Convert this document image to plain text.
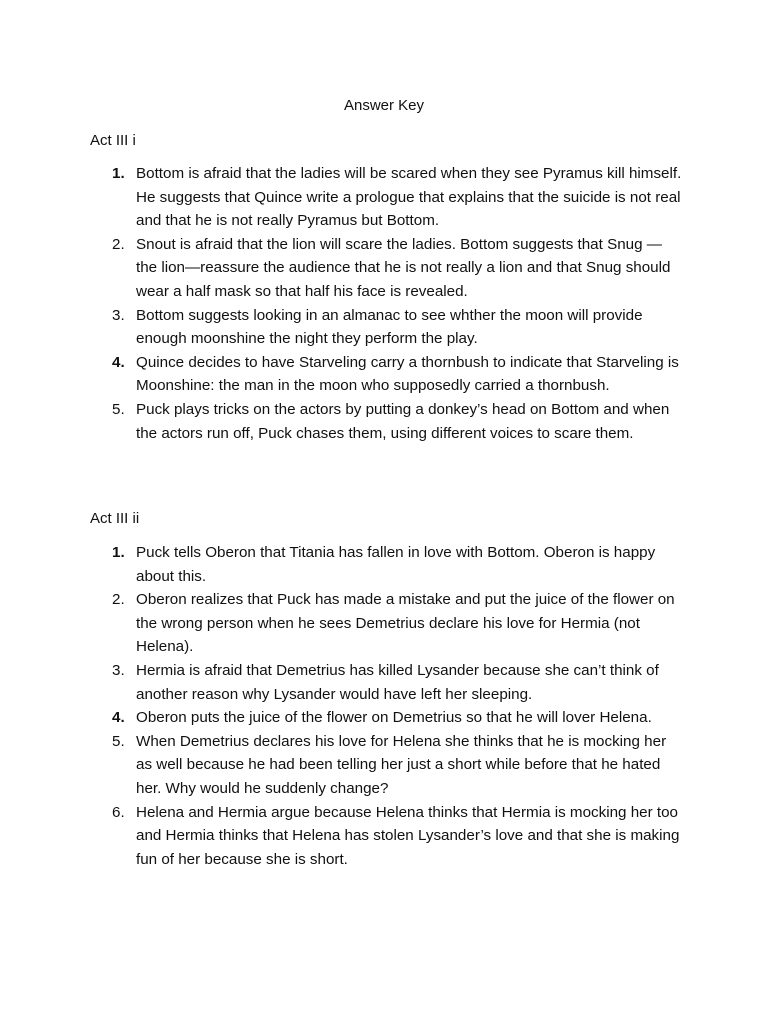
Answer Key
Act III i
1. Bottom is afraid that the ladies will be scared when they see Pyramus kill himself. He suggests that Quince write a prologue that explains that the suicide is not real and that he is not really Pyramus but Bottom.
2. Snout is afraid that the lion will scare the ladies. Bottom suggests that Snug —the lion—reassure the audience that he is not really a lion and that Snug should wear a half mask so that half his face is revealed.
3. Bottom suggests looking in an almanac to see whther the moon will provide enough moonshine the night they perform the play.
4. Quince decides to have Starveling carry a thornbush to indicate that Starveling is Moonshine: the man in the moon who supposedly carried a thornbush.
5. Puck plays tricks on the actors by putting a donkey’s head on Bottom and when the actors run off, Puck chases them, using different voices to scare them.
Act III ii
1. Puck tells Oberon that Titania has fallen in love with Bottom. Oberon is happy about this.
2. Oberon realizes that Puck has made a mistake and put the juice of the flower on the wrong person when he sees Demetrius declare his love for Hermia (not Helena).
3. Hermia is afraid that Demetrius has killed Lysander because she can’t think of another reason why Lysander would have left her sleeping.
4. Oberon puts the juice of the flower on Demetrius so that he will lover Helena.
5. When Demetrius declares his love for Helena she thinks that he is mocking her as well because he had been telling her just a short while before that he hated her. Why would he suddenly change?
6. Helena and Hermia argue because Helena thinks that Hermia is mocking her too and Hermia thinks that Helena has stolen Lysander’s love and that she is making fun of her because she is short.
